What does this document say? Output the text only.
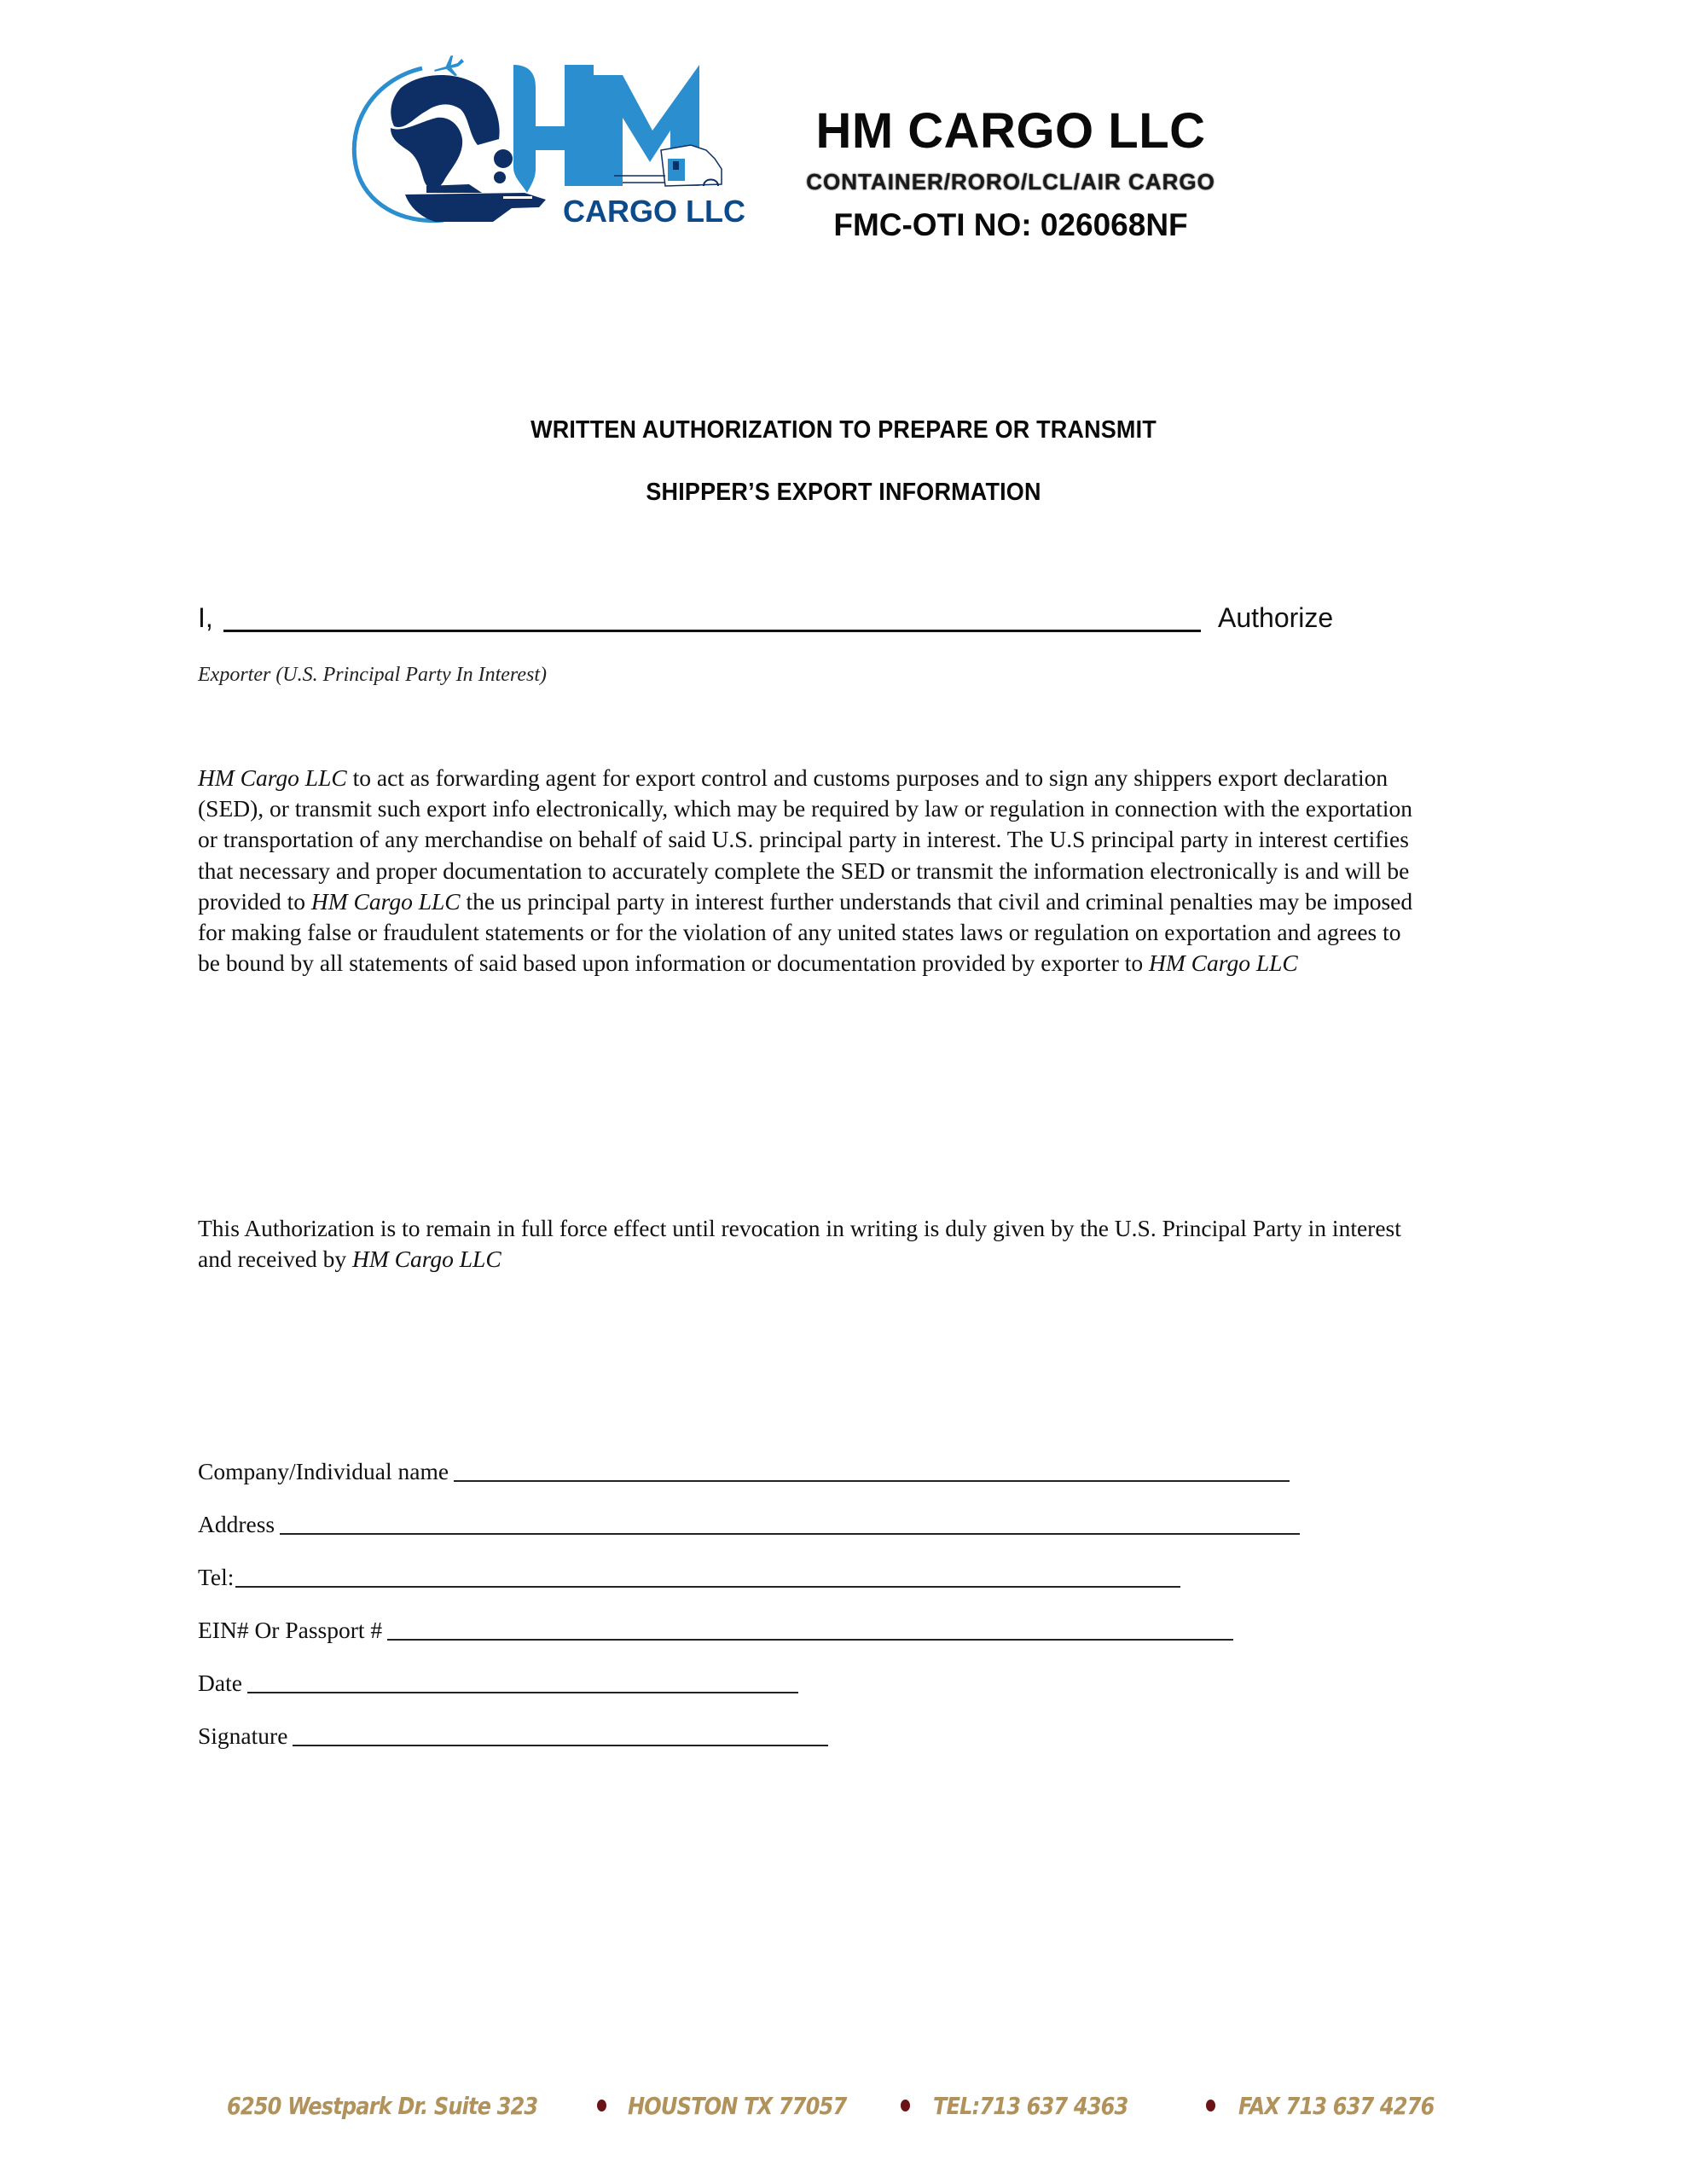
CARGO LLC
HM CARGO LLC
CONTAINER/RORO/LCL/AIR CARGO
FMC-OTI NO: 026068NF
WRITTEN AUTHORIZATION TO PREPARE OR TRANSMIT
SHIPPER’S EXPORT INFORMATION
I,	Authorize
Exporter (U.S. Principal Party In Interest)
HM Cargo LLC to act as forwarding agent for export control and customs purposes and to sign any shippers export declaration
(SED), or transmit such export info electronically, which may be required by law or regulation in connection with the exportation
or transportation of any merchandise on behalf of said U.S. principal party in interest. The U.S principal party in interest certifies
that necessary and proper documentation to accurately complete the SED or transmit the information electronically is and will be
provided to HM Cargo LLC the us principal party in interest further understands that civil and criminal penalties may be imposed
for making false or fraudulent statements or for the violation of any united states laws or regulation on exportation and agrees to
be bound by all statements of said based upon information or documentation provided by exporter to HM Cargo LLC
This Authorization is to remain in full force effect until revocation in writing is duly given by the U.S. Principal Party in interest
and received by HM Cargo LLC
Company/Individual name
Address
Tel:
EIN# Or Passport #
Date
Signature
6250 Westpark Dr. Suite 323	HOUSTON TX 77057	TEL:713 637 4363	FAX 713 637 4276
